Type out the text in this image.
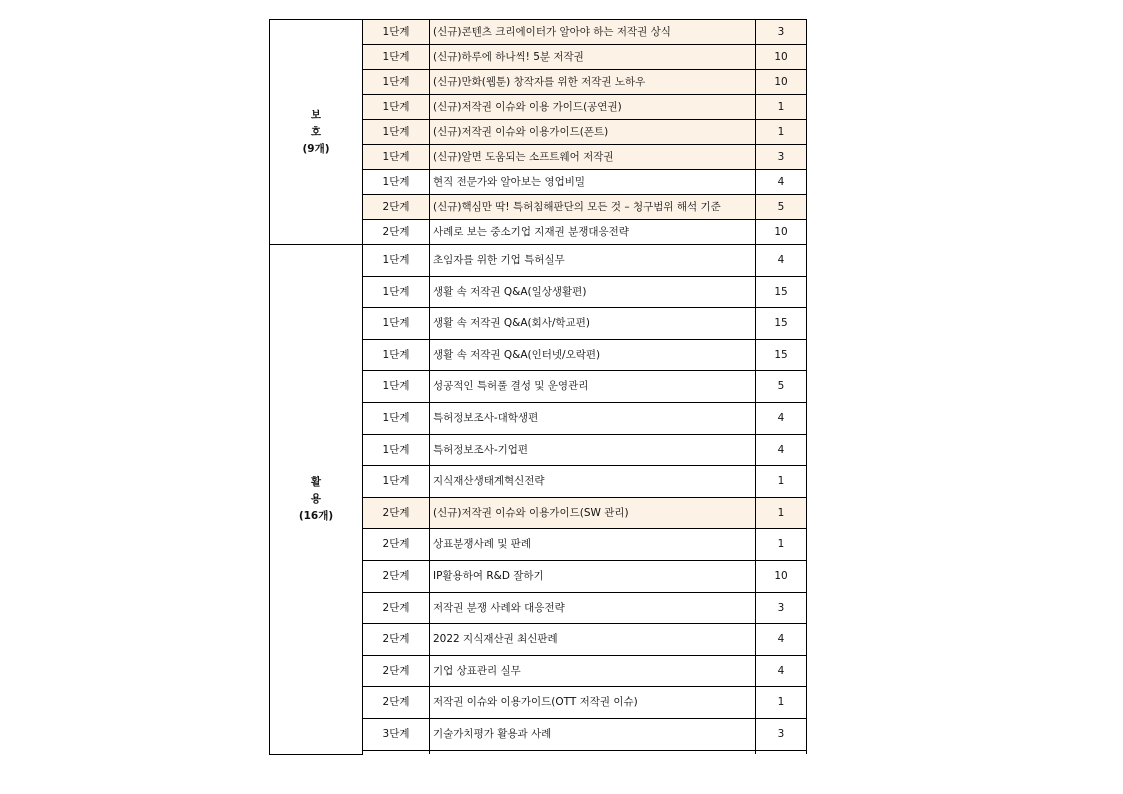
보
호
(9개)	1단계	(신규)콘텐츠 크리에이터가 알아야 하는 저작권 상식	3
	1단계	(신규)하루에 하나씩! 5분 저작권	10
	1단계	(신규)만화(웹툰) 창작자를 위한 저작권 노하우	10
	1단계	(신규)저작권 이슈와 이용 가이드(공연권)	1
	1단계	(신규)저작권 이슈와 이용가이드(폰트)	1
	1단계	(신규)알면 도움되는 소프트웨어 저작권	3
	1단계	현직 전문가와 알아보는 영업비밀	4
	2단계	(신규)핵심만 딱! 특허침해판단의 모든 것 – 청구범위 해석 기준	5
	2단계	사례로 보는 중소기업 지재권 분쟁대응전략	10

활
용
(16개)	1단계	초임자를 위한 기업 특허실무	4
	1단계	생활 속 저작권 Q&A(일상생활편)	15
	1단계	생활 속 저작권 Q&A(회사/학교편)	15
	1단계	생활 속 저작권 Q&A(인터넷/오락편)	15
	1단계	성공적인 특허풀 결성 및 운영관리	5
	1단계	특허정보조사-대학생편	4
	1단계	특허정보조사-기업편	4
	1단계	지식재산생태계혁신전략	1
	2단계	(신규)저작권 이슈와 이용가이드(SW 관리)	1
	2단계	상표분쟁사례 및 판례	1
	2단계	IP활용하여 R&D 잘하기	10
	2단계	저작권 분쟁 사례와 대응전략	3
	2단계	2022 지식재산권 최신판례	4
	2단계	기업 상표관리 실무	4
	2단계	저작권 이슈와 이용가이드(OTT 저작권 이슈)	1
	3단계	기술가치평가 활용과 사례	3
